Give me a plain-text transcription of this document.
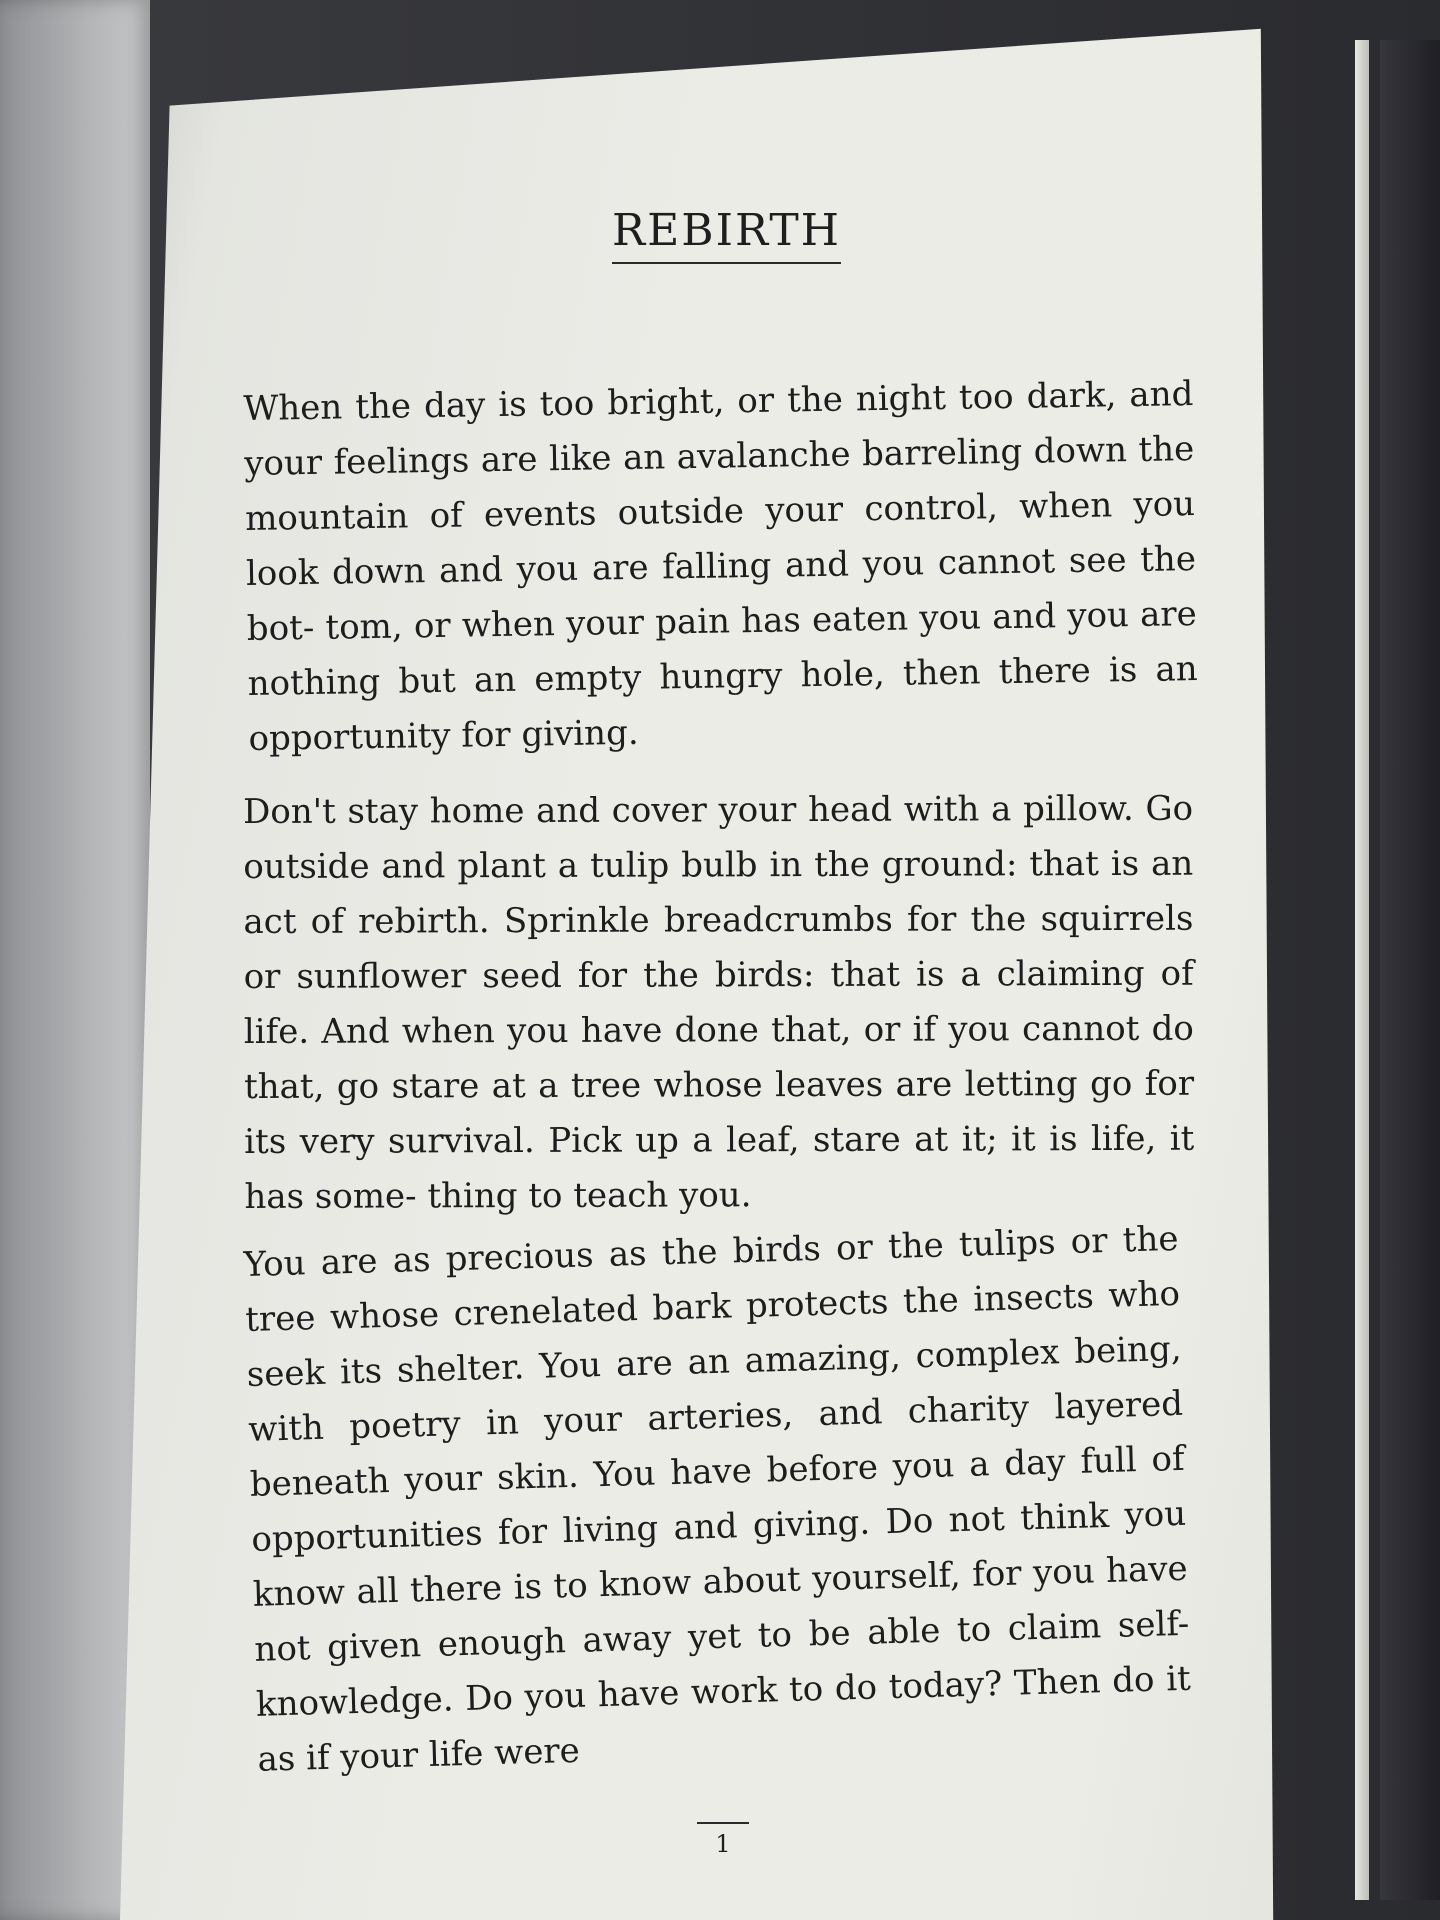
REBIRTH

When the day is too bright, or the night too dark, and your feelings are like an avalanche barreling down the mountain of events outside your control, when you look down and you are falling and you cannot see the bot- tom, or when your pain has eaten you and you are nothing but an empty hungry hole, then there is an opportunity for giving.

Don't stay home and cover your head with a pillow. Go outside and plant a tulip bulb in the ground: that is an act of rebirth. Sprinkle breadcrumbs for the squirrels or sunflower seed for the birds: that is a claiming of life. And when you have done that, or if you cannot do that, go stare at a tree whose leaves are letting go for its very survival. Pick up a leaf, stare at it; it is life, it has some- thing to teach you.

You are as precious as the birds or the tulips or the tree whose crenelated bark protects the insects who seek its shelter. You are an amazing, complex being, with poetry in your arteries, and charity layered beneath your skin. You have before you a day full of opportunities for living and giving. Do not think you know all there is to know about yourself, for you have not given enough away yet to be able to claim self-knowledge. Do you have work to do today? Then do it as if your life were

1
